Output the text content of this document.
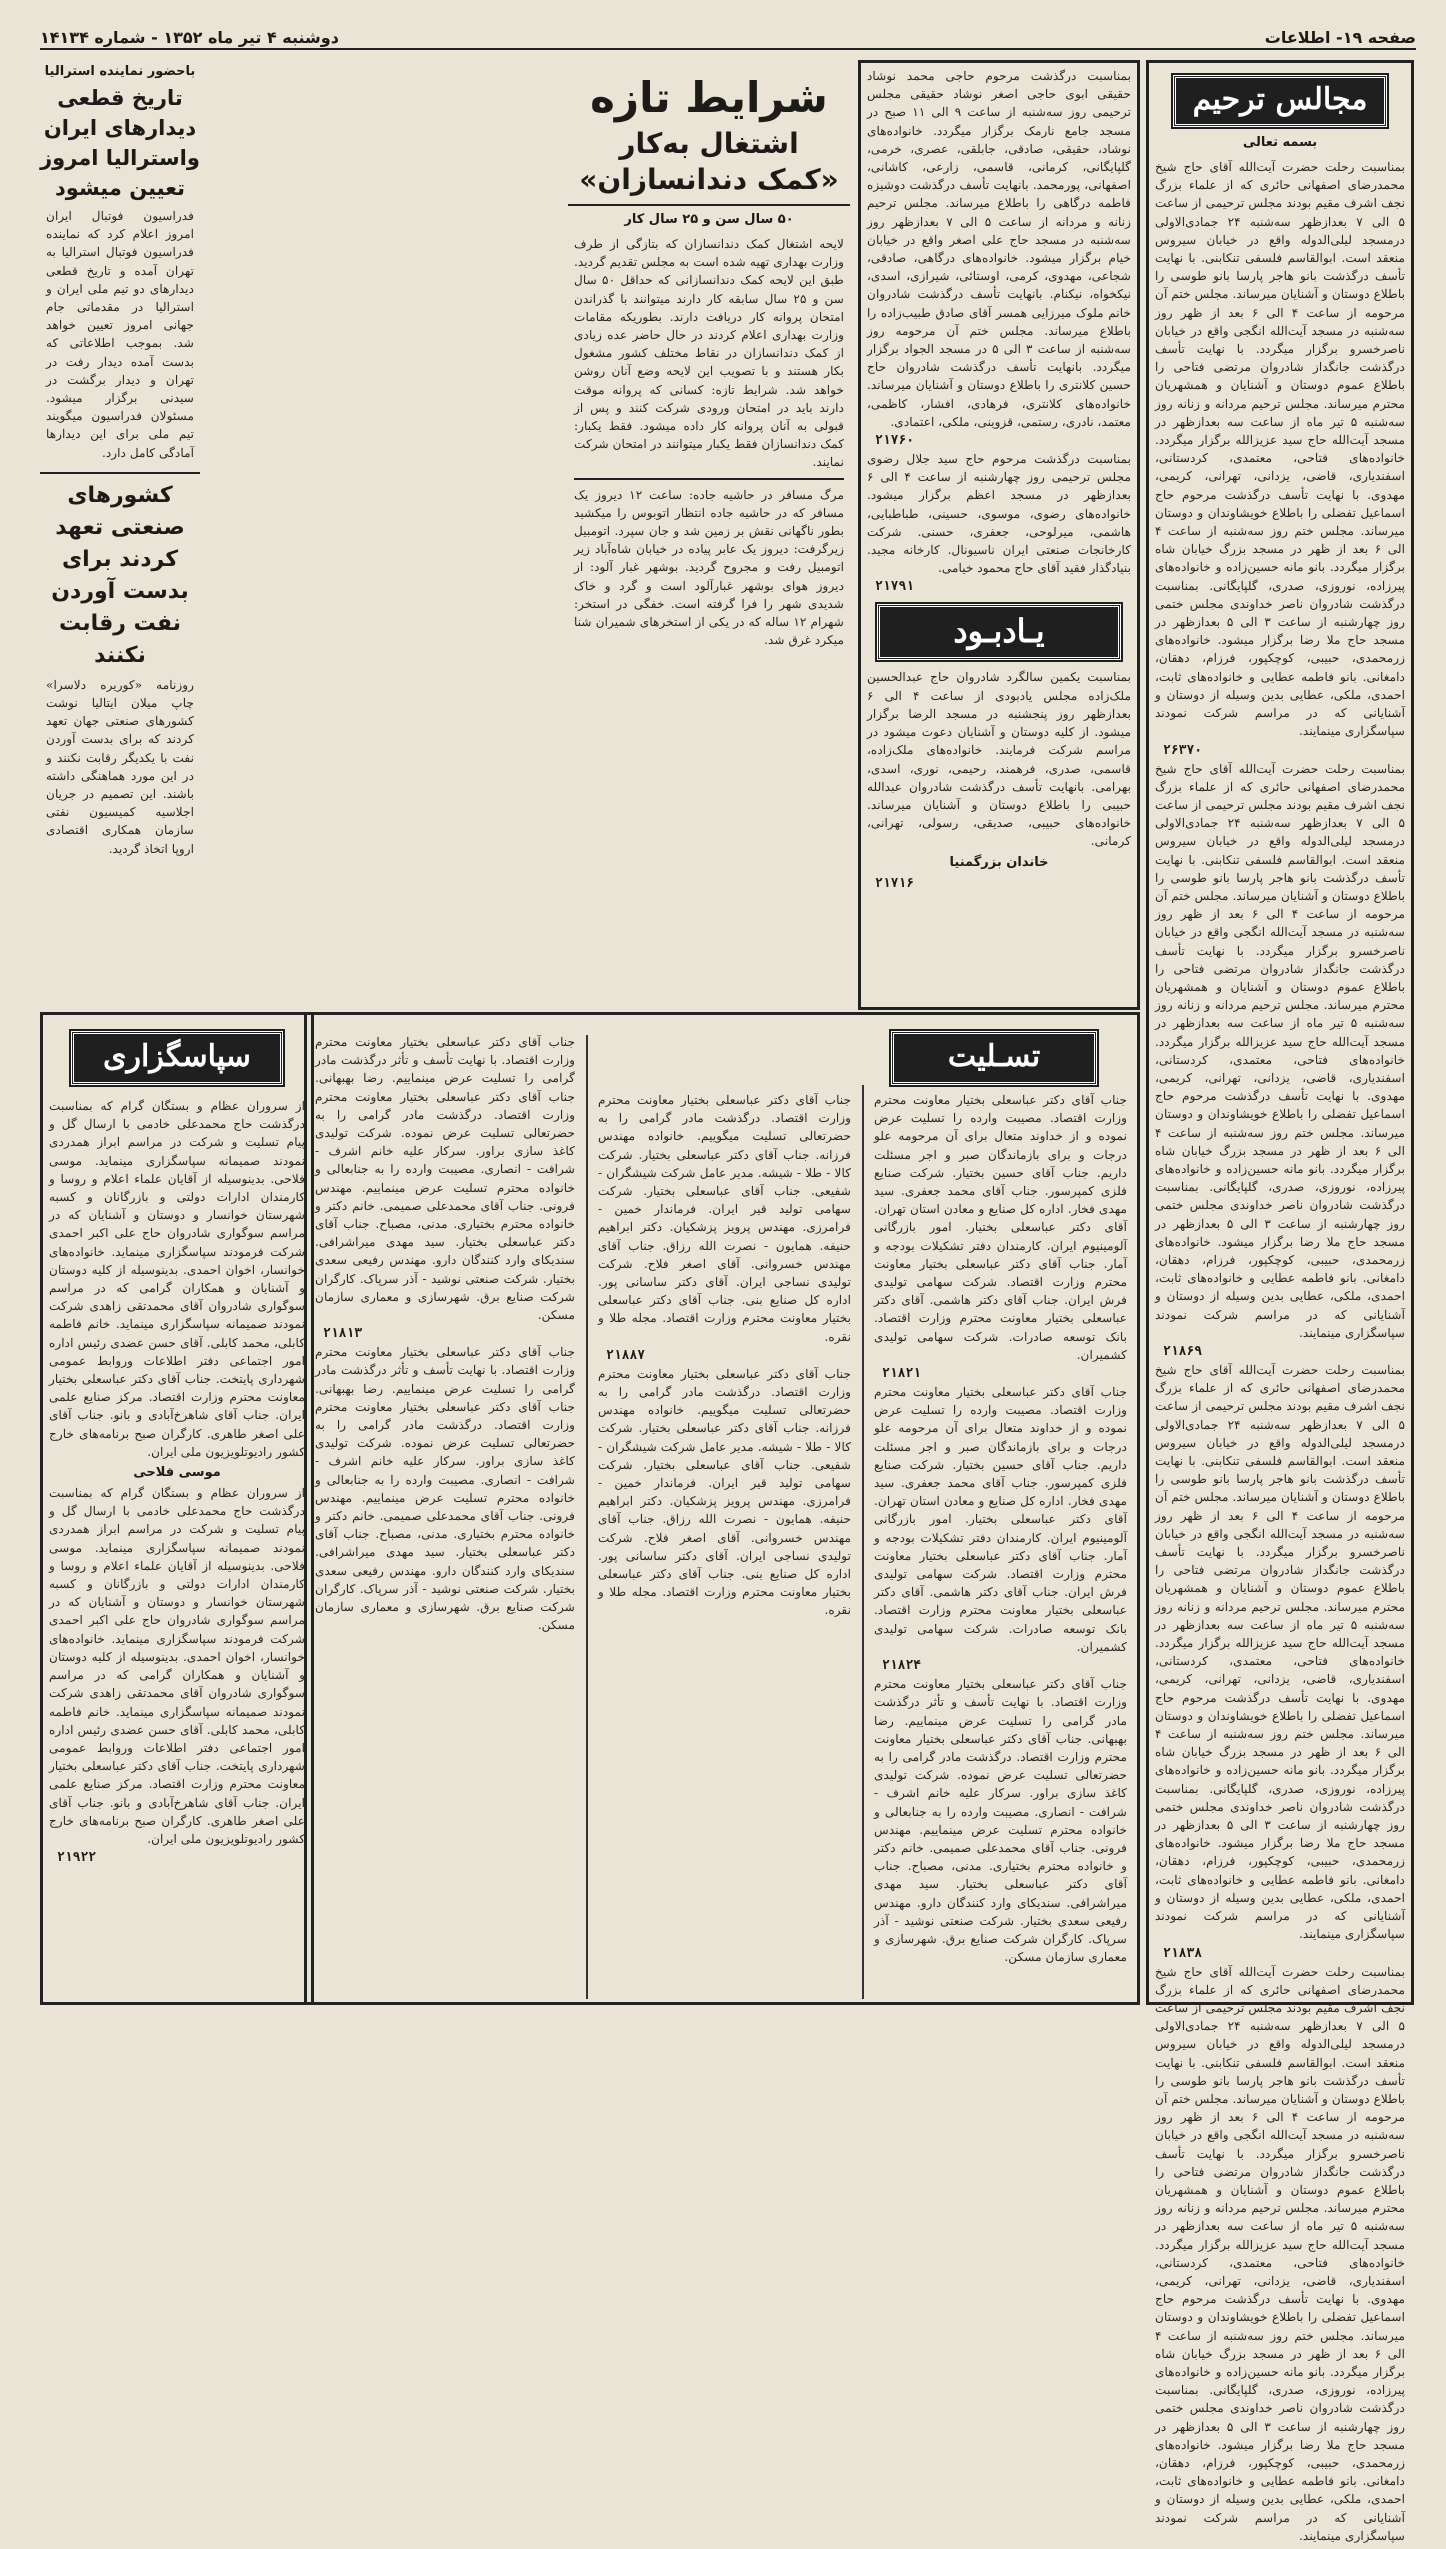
صفحه ۱۹- اطلاعات
دوشنبه ۴ تیر ماه ۱۳۵۲ - شماره ۱۴۱۳۴
مجالس ترحیم
بسمه تعالی

بمناسبت رحلت حضرت آیت‌الله آقای حاج شیخ محمدرضای اصفهانی حائری که از علماء بزرگ نجف اشرف مقیم بودند مجلس ترحیمی از ساعت ۵ الی ۷ بعدازظهر سه‌شنبه ۲۴ جمادی‌الاولی درمسجد لیلی‌الدوله واقع در خیابان سیروس منعقد است. ابوالقاسم فلسفی تنکابنی. با نهایت تأسف درگذشت بانو هاجر پارسا بانو طوسی را باطلاع دوستان و آشنایان میرساند. مجلس ختم آن مرحومه از ساعت ۴ الی ۶ بعد از ظهر روز سه‌شنبه در مسجد آیت‌الله انگجی واقع در خیابان ناصرخسرو برگزار میگردد. با نهایت تأسف درگذشت جانگداز شادروان مرتضی فتاحی را باطلاع عموم دوستان و آشنایان و همشهریان محترم میرساند. مجلس ترحیم مردانه و زنانه روز سه‌شنبه ۵ تیر ماه از ساعت سه بعدازظهر در مسجد آیت‌الله حاج سید عزیزالله برگزار میگردد. خانواده‌های فتاحی، معتمدی، کردستانی، اسفندیاری، قاضی، یزدانی، تهرانی، کریمی، مهدوی. با نهایت تأسف درگذشت مرحوم حاج اسماعیل تفضلی را باطلاع خویشاوندان و دوستان میرساند. مجلس ختم روز سه‌شنبه از ساعت ۴ الی ۶ بعد از ظهر در مسجد بزرگ خیابان شاه برگزار میگردد. بانو مانه حسین‌زاده و خانواده‌های پیرزاده، نوروزی، صدری، گلپایگانی. بمناسبت درگذشت شادروان ناصر خداوندی مجلس ختمی روز چهارشنبه از ساعت ۳ الی ۵ بعدازظهر در مسجد حاج ملا رضا برگزار میشود. خانواده‌های زرمحمدی، حبیبی، کوچکپور، فرزام، دهقان، دامغانی. بانو فاطمه عطایی و خانواده‌های ثابت، احمدی، ملکی، عطایی بدین وسیله از دوستان و آشنایانی که در مراسم شرکت نمودند سپاسگزاری مینمایند.

۲۶۳۷۰

بمناسبت رحلت حضرت آیت‌الله آقای حاج شیخ محمدرضای اصفهانی حائری که از علماء بزرگ نجف اشرف مقیم بودند مجلس ترحیمی از ساعت ۵ الی ۷ بعدازظهر سه‌شنبه ۲۴ جمادی‌الاولی درمسجد لیلی‌الدوله واقع در خیابان سیروس منعقد است. ابوالقاسم فلسفی تنکابنی. با نهایت تأسف درگذشت بانو هاجر پارسا بانو طوسی را باطلاع دوستان و آشنایان میرساند. مجلس ختم آن مرحومه از ساعت ۴ الی ۶ بعد از ظهر روز سه‌شنبه در مسجد آیت‌الله انگجی واقع در خیابان ناصرخسرو برگزار میگردد. با نهایت تأسف درگذشت جانگداز شادروان مرتضی فتاحی را باطلاع عموم دوستان و آشنایان و همشهریان محترم میرساند. مجلس ترحیم مردانه و زنانه روز سه‌شنبه ۵ تیر ماه از ساعت سه بعدازظهر در مسجد آیت‌الله حاج سید عزیزالله برگزار میگردد. خانواده‌های فتاحی، معتمدی، کردستانی، اسفندیاری، قاضی، یزدانی، تهرانی، کریمی، مهدوی. با نهایت تأسف درگذشت مرحوم حاج اسماعیل تفضلی را باطلاع خویشاوندان و دوستان میرساند. مجلس ختم روز سه‌شنبه از ساعت ۴ الی ۶ بعد از ظهر در مسجد بزرگ خیابان شاه برگزار میگردد. بانو مانه حسین‌زاده و خانواده‌های پیرزاده، نوروزی، صدری، گلپایگانی. بمناسبت درگذشت شادروان ناصر خداوندی مجلس ختمی روز چهارشنبه از ساعت ۳ الی ۵ بعدازظهر در مسجد حاج ملا رضا برگزار میشود. خانواده‌های زرمحمدی، حبیبی، کوچکپور، فرزام، دهقان، دامغانی. بانو فاطمه عطایی و خانواده‌های ثابت، احمدی، ملکی، عطایی بدین وسیله از دوستان و آشنایانی که در مراسم شرکت نمودند سپاسگزاری مینمایند.

۲۱۸۶۹

بمناسبت رحلت حضرت آیت‌الله آقای حاج شیخ محمدرضای اصفهانی حائری که از علماء بزرگ نجف اشرف مقیم بودند مجلس ترحیمی از ساعت ۵ الی ۷ بعدازظهر سه‌شنبه ۲۴ جمادی‌الاولی درمسجد لیلی‌الدوله واقع در خیابان سیروس منعقد است. ابوالقاسم فلسفی تنکابنی. با نهایت تأسف درگذشت بانو هاجر پارسا بانو طوسی را باطلاع دوستان و آشنایان میرساند. مجلس ختم آن مرحومه از ساعت ۴ الی ۶ بعد از ظهر روز سه‌شنبه در مسجد آیت‌الله انگجی واقع در خیابان ناصرخسرو برگزار میگردد. با نهایت تأسف درگذشت جانگداز شادروان مرتضی فتاحی را باطلاع عموم دوستان و آشنایان و همشهریان محترم میرساند. مجلس ترحیم مردانه و زنانه روز سه‌شنبه ۵ تیر ماه از ساعت سه بعدازظهر در مسجد آیت‌الله حاج سید عزیزالله برگزار میگردد. خانواده‌های فتاحی، معتمدی، کردستانی، اسفندیاری، قاضی، یزدانی، تهرانی، کریمی، مهدوی. با نهایت تأسف درگذشت مرحوم حاج اسماعیل تفضلی را باطلاع خویشاوندان و دوستان میرساند. مجلس ختم روز سه‌شنبه از ساعت ۴ الی ۶ بعد از ظهر در مسجد بزرگ خیابان شاه برگزار میگردد. بانو مانه حسین‌زاده و خانواده‌های پیرزاده، نوروزی، صدری، گلپایگانی. بمناسبت درگذشت شادروان ناصر خداوندی مجلس ختمی روز چهارشنبه از ساعت ۳ الی ۵ بعدازظهر در مسجد حاج ملا رضا برگزار میشود. خانواده‌های زرمحمدی، حبیبی، کوچکپور، فرزام، دهقان، دامغانی. بانو فاطمه عطایی و خانواده‌های ثابت، احمدی، ملکی، عطایی بدین وسیله از دوستان و آشنایانی که در مراسم شرکت نمودند سپاسگزاری مینمایند.

۲۱۸۳۸

بمناسبت رحلت حضرت آیت‌الله آقای حاج شیخ محمدرضای اصفهانی حائری که از علماء بزرگ نجف اشرف مقیم بودند مجلس ترحیمی از ساعت ۵ الی ۷ بعدازظهر سه‌شنبه ۲۴ جمادی‌الاولی درمسجد لیلی‌الدوله واقع در خیابان سیروس منعقد است. ابوالقاسم فلسفی تنکابنی. با نهایت تأسف درگذشت بانو هاجر پارسا بانو طوسی را باطلاع دوستان و آشنایان میرساند. مجلس ختم آن مرحومه از ساعت ۴ الی ۶ بعد از ظهر روز سه‌شنبه در مسجد آیت‌الله انگجی واقع در خیابان ناصرخسرو برگزار میگردد. با نهایت تأسف درگذشت جانگداز شادروان مرتضی فتاحی را باطلاع عموم دوستان و آشنایان و همشهریان محترم میرساند. مجلس ترحیم مردانه و زنانه روز سه‌شنبه ۵ تیر ماه از ساعت سه بعدازظهر در مسجد آیت‌الله حاج سید عزیزالله برگزار میگردد. خانواده‌های فتاحی، معتمدی، کردستانی، اسفندیاری، قاضی، یزدانی، تهرانی، کریمی، مهدوی. با نهایت تأسف درگذشت مرحوم حاج اسماعیل تفضلی را باطلاع خویشاوندان و دوستان میرساند. مجلس ختم روز سه‌شنبه از ساعت ۴ الی ۶ بعد از ظهر در مسجد بزرگ خیابان شاه برگزار میگردد. بانو مانه حسین‌زاده و خانواده‌های پیرزاده، نوروزی، صدری، گلپایگانی. بمناسبت درگذشت شادروان ناصر خداوندی مجلس ختمی روز چهارشنبه از ساعت ۳ الی ۵ بعدازظهر در مسجد حاج ملا رضا برگزار میشود. خانواده‌های زرمحمدی، حبیبی، کوچکپور، فرزام، دهقان، دامغانی. بانو فاطمه عطایی و خانواده‌های ثابت، احمدی، ملکی، عطایی بدین وسیله از دوستان و آشنایانی که در مراسم شرکت نمودند سپاسگزاری مینمایند.

بمناسبت درگذشت مرحوم حاجی محمد نوشاد حقیقی ابوی حاجی اصغر نوشاد حقیقی مجلس ترحیمی روز سه‌شنبه از ساعت ۹ الی ۱۱ صبح در مسجد جامع نارمک برگزار میگردد. خانواده‌های نوشاد، حقیقی، صادقی، جابلقی، عصری، خرمی، گلپایگانی، کرمانی، قاسمی، زارعی، کاشانی، اصفهانی، پورمحمد. بانهایت تأسف درگذشت دوشیزه فاطمه درگاهی را باطلاع میرساند. مجلس ترحیم زنانه و مردانه از ساعت ۵ الی ۷ بعدازظهر روز سه‌شنبه در مسجد حاج علی اصغر واقع در خیابان خیام برگزار میشود. خانواده‌های درگاهی، صادقی، شجاعی، مهدوی، کرمی، اوستائی، شیرازی، اسدی، نیکخواه، نیکنام. بانهایت تأسف درگذشت شادروان خانم ملوک میرزایی همسر آقای صادق طبیب‌زاده را باطلاع میرساند. مجلس ختم آن مرحومه روز سه‌شنبه از ساعت ۳ الی ۵ در مسجد الجواد برگزار میگردد. بانهایت تأسف درگذشت شادروان حاج حسین کلانتری را باطلاع دوستان و آشنایان میرساند. خانواده‌های کلانتری، فرهادی، افشار، کاظمی، معتمد، نادری، رستمی، قزوینی، ملکی، اعتمادی.

۲۱۷۶۰

بمناسبت درگذشت مرحوم حاج سید جلال رضوی مجلس ترحیمی روز چهارشنبه از ساعت ۴ الی ۶ بعدازظهر در مسجد اعظم برگزار میشود. خانواده‌های رضوی، موسوی، حسینی، طباطبایی، هاشمی، میرلوحی، جعفری، حسنی. شرکت کارخانجات صنعتی ایران ناسیونال. کارخانه مجید. بنیادگذار فقید آقای حاج محمود خیامی.

۲۱۷۹۱
یـادبـود

بمناسبت یکمین سالگرد شادروان حاج عبدالحسین ملک‌زاده مجلس یادبودی از ساعت ۴ الی ۶ بعدازظهر روز پنجشنبه در مسجد الرضا برگزار میشود. از کلیه دوستان و آشنایان دعوت میشود در مراسم شرکت فرمایند. خانواده‌های ملک‌زاده، قاسمی، صدری، فرهمند، رحیمی، نوری، اسدی، بهرامی. بانهایت تأسف درگذشت شادروان عبدالله حبیبی را باطلاع دوستان و آشنایان میرساند. خانواده‌های حبیبی، صدیقی، رسولی، تهرانی، کرمانی.

خاندان بزرگمنیا
۲۱۷۱۶
شرایط تازه
اشتغال به‌کار «کمک دندانسازان»
۵۰ سال سن و ۲۵ سال کار

لایحه اشتغال کمک دندانسازان که بتازگی از طرف وزارت بهداری تهیه شده است به مجلس تقدیم گردید. طبق این لایحه کمک دندانسازانی که حداقل ۵۰ سال سن و ۲۵ سال سابقه کار دارند میتوانند با گذراندن امتحان پروانه کار دریافت دارند. بطوریکه مقامات وزارت بهداری اعلام کردند در حال حاضر عده زیادی از کمک دندانسازان در نقاط مختلف کشور مشغول بکار هستند و با تصویب این لایحه وضع آنان روشن خواهد شد. شرایط تازه: کسانی که پروانه موقت دارند باید در امتحان ورودی شرکت کنند و پس از قبولی به آنان پروانه کار داده میشود. فقط یکبار: کمک دندانسازان فقط یکبار میتوانند در امتحان شرکت نمایند.

مرگ مسافر در حاشیه جاده: ساعت ۱۲ دیروز یک مسافر که در حاشیه جاده انتظار اتوبوس را میکشید بطور ناگهانی نقش بر زمین شد و جان سپرد. اتومبیل زیرگرفت: دیروز یک عابر پیاده در خیابان شاه‌آباد زیر اتومبیل رفت و مجروح گردید. بوشهر غبار آلود: از دیروز هوای بوشهر غبارآلود است و گرد و خاک شدیدی شهر را فرا گرفته است. خفگی در استخر: شهرام ۱۲ ساله که در یکی از استخرهای شمیران شنا میکرد غرق شد.

باحضور نماینده استرالیا
تاریخ قطعی دیدارهای ایران واسترالیا امروز تعیین میشود

فدراسیون فوتبال ایران امروز اعلام کرد که نماینده فدراسیون فوتبال استرالیا به تهران آمده و تاریخ قطعی دیدارهای دو تیم ملی ایران و استرالیا در مقدماتی جام جهانی امروز تعیین خواهد شد. بموجب اطلاعاتی که بدست آمده دیدار رفت در تهران و دیدار برگشت در سیدنی برگزار میشود. مسئولان فدراسیون میگویند تیم ملی برای این دیدارها آمادگی کامل دارد.

کشورهای صنعتی تعهد کردند برای بدست آوردن نفت رقابت نکنند

روزنامه «کوریره دلاسرا» چاپ میلان ایتالیا نوشت کشورهای صنعتی جهان تعهد کردند که برای بدست آوردن نفت با یکدیگر رقابت نکنند و در این مورد هماهنگی داشته باشند. این تصمیم در جریان اجلاسیه کمیسیون نفتی سازمان همکاری اقتصادی اروپا اتخاذ گردید.

تسـلیت

جناب آقای دکتر عباسعلی بختیار معاونت محترم وزارت اقتصاد. مصیبت وارده را تسلیت عرض نموده و از خداوند متعال برای آن مرحومه علو درجات و برای بازماندگان صبر و اجر مسئلت داریم. جناب آقای حسین بختیار. شرکت صنایع فلزی کمپرسور. جناب آقای محمد جعفری. سید مهدی فخار. اداره کل صنایع و معادن استان تهران. آقای دکتر عباسعلی بختیار. امور بازرگانی آلومینیوم ایران. کارمندان دفتر تشکیلات بودجه و آمار. جناب آقای دکتر عباسعلی بختیار معاونت محترم وزارت اقتصاد. شرکت سهامی تولیدی فرش ایران. جناب آقای دکتر هاشمی. آقای دکتر عباسعلی بختیار معاونت محترم وزارت اقتصاد. بانک توسعه صادرات. شرکت سهامی تولیدی کشمیران.

۲۱۸۲۱

جناب آقای دکتر عباسعلی بختیار معاونت محترم وزارت اقتصاد. مصیبت وارده را تسلیت عرض نموده و از خداوند متعال برای آن مرحومه علو درجات و برای بازماندگان صبر و اجر مسئلت داریم. جناب آقای حسین بختیار. شرکت صنایع فلزی کمپرسور. جناب آقای محمد جعفری. سید مهدی فخار. اداره کل صنایع و معادن استان تهران. آقای دکتر عباسعلی بختیار. امور بازرگانی آلومینیوم ایران. کارمندان دفتر تشکیلات بودجه و آمار. جناب آقای دکتر عباسعلی بختیار معاونت محترم وزارت اقتصاد. شرکت سهامی تولیدی فرش ایران. جناب آقای دکتر هاشمی. آقای دکتر عباسعلی بختیار معاونت محترم وزارت اقتصاد. بانک توسعه صادرات. شرکت سهامی تولیدی کشمیران.

۲۱۸۲۴

جناب آقای دکتر عباسعلی بختیار معاونت محترم وزارت اقتصاد. با نهایت تأسف و تأثر درگذشت مادر گرامی را تسلیت عرض مینماییم. رضا بهبهانی. جناب آقای دکتر عباسعلی بختیار معاونت محترم وزارت اقتصاد. درگذشت مادر گرامی را به حضرتعالی تسلیت عرض نموده. شرکت تولیدی کاغذ سازی براور. سرکار علیه خانم اشرف - شرافت - انصاری. مصیبت وارده را به جنابعالی و خانواده محترم تسلیت عرض مینماییم. مهندس فرونی. جناب آقای محمدعلی صمیمی. خانم دکتر و خانواده محترم بختیاری. مدنی، مصباح. جناب آقای دکتر عباسعلی بختیار. سید مهدی میراشرافی. سندیکای وارد کنندگان دارو. مهندس رفیعی سعدی بختیار. شرکت صنعتی نوشید - آذر سرپاک. کارگران شرکت صنایع برق. شهرسازی و معماری سازمان مسکن.

جناب آقای دکتر عباسعلی بختیار معاونت محترم وزارت اقتصاد. درگذشت مادر گرامی را به حضرتعالی تسلیت میگوییم. خانواده مهندس فرزانه. جناب آقای دکتر عباسعلی بختیار. شرکت کالا - طلا - شیشه. مدیر عامل شرکت شیشگران - شفیعی. جناب آقای عباسعلی بختیار. شرکت سهامی تولید قیر ایران. فرماندار خمین - فرامرزی. مهندس پرویز پزشکیان. دکتر ابراهیم حنیفه. همایون - نصرت الله رزاق. جناب آقای مهندس خسروانی. آقای اصغر فلاح. شرکت تولیدی نساجی ایران. آقای دکتر ساسانی پور. اداره کل صنایع بنی. جناب آقای دکتر عباسعلی بختیار معاونت محترم وزارت اقتصاد. مجله طلا و نقره.

۲۱۸۸۷

جناب آقای دکتر عباسعلی بختیار معاونت محترم وزارت اقتصاد. درگذشت مادر گرامی را به حضرتعالی تسلیت میگوییم. خانواده مهندس فرزانه. جناب آقای دکتر عباسعلی بختیار. شرکت کالا - طلا - شیشه. مدیر عامل شرکت شیشگران - شفیعی. جناب آقای عباسعلی بختیار. شرکت سهامی تولید قیر ایران. فرماندار خمین - فرامرزی. مهندس پرویز پزشکیان. دکتر ابراهیم حنیفه. همایون - نصرت الله رزاق. جناب آقای مهندس خسروانی. آقای اصغر فلاح. شرکت تولیدی نساجی ایران. آقای دکتر ساسانی پور. اداره کل صنایع بنی. جناب آقای دکتر عباسعلی بختیار معاونت محترم وزارت اقتصاد. مجله طلا و نقره.

جناب آقای دکتر عباسعلی بختیار معاونت محترم وزارت اقتصاد. با نهایت تأسف و تأثر درگذشت مادر گرامی را تسلیت عرض مینماییم. رضا بهبهانی. جناب آقای دکتر عباسعلی بختیار معاونت محترم وزارت اقتصاد. درگذشت مادر گرامی را به حضرتعالی تسلیت عرض نموده. شرکت تولیدی کاغذ سازی براور. سرکار علیه خانم اشرف - شرافت - انصاری. مصیبت وارده را به جنابعالی و خانواده محترم تسلیت عرض مینماییم. مهندس فرونی. جناب آقای محمدعلی صمیمی. خانم دکتر و خانواده محترم بختیاری. مدنی، مصباح. جناب آقای دکتر عباسعلی بختیار. سید مهدی میراشرافی. سندیکای وارد کنندگان دارو. مهندس رفیعی سعدی بختیار. شرکت صنعتی نوشید - آذر سرپاک. کارگران شرکت صنایع برق. شهرسازی و معماری سازمان مسکن.

۲۱۸۱۳

جناب آقای دکتر عباسعلی بختیار معاونت محترم وزارت اقتصاد. با نهایت تأسف و تأثر درگذشت مادر گرامی را تسلیت عرض مینماییم. رضا بهبهانی. جناب آقای دکتر عباسعلی بختیار معاونت محترم وزارت اقتصاد. درگذشت مادر گرامی را به حضرتعالی تسلیت عرض نموده. شرکت تولیدی کاغذ سازی براور. سرکار علیه خانم اشرف - شرافت - انصاری. مصیبت وارده را به جنابعالی و خانواده محترم تسلیت عرض مینماییم. مهندس فرونی. جناب آقای محمدعلی صمیمی. خانم دکتر و خانواده محترم بختیاری. مدنی، مصباح. جناب آقای دکتر عباسعلی بختیار. سید مهدی میراشرافی. سندیکای وارد کنندگان دارو. مهندس رفیعی سعدی بختیار. شرکت صنعتی نوشید - آذر سرپاک. کارگران شرکت صنایع برق. شهرسازی و معماری سازمان مسکن.

سپاسگزاری

از سروران عظام و بستگان گرام که بمناسبت درگذشت حاج محمدعلی خادمی با ارسال گل و پیام تسلیت و شرکت در مراسم ابراز همدردی نمودند صمیمانه سپاسگزاری مینماید. موسی فلاحی. بدینوسیله از آقایان علماء اعلام و روسا و کارمندان ادارات دولتی و بازرگانان و کسبه شهرستان خوانسار و دوستان و آشنایان که در مراسم سوگواری شادروان حاج علی اکبر احمدی شرکت فرمودند سپاسگزاری مینماید. خانواده‌های خوانسار، اخوان احمدی. بدینوسیله از کلیه دوستان و آشنایان و همکاران گرامی که در مراسم سوگواری شادروان آقای محمدتقی زاهدی شرکت نمودند صمیمانه سپاسگزاری مینماید. خانم فاطمه کابلی، محمد کابلی. آقای حسن عضدی رئیس اداره امور اجتماعی دفتر اطلاعات وروابط عمومی شهرداری پایتخت. جناب آقای دکتر عباسعلی بختیار معاونت محترم وزارت اقتصاد. مرکز صنایع علمی ایران. جناب آقای شاهرخ‌آبادی و بانو. جناب آقای علی اصغر طاهری. کارگران صبح برنامه‌های خارج کشور رادیوتلویزیون ملی ایران.

موسی فلاحی

از سروران عظام و بستگان گرام که بمناسبت درگذشت حاج محمدعلی خادمی با ارسال گل و پیام تسلیت و شرکت در مراسم ابراز همدردی نمودند صمیمانه سپاسگزاری مینماید. موسی فلاحی. بدینوسیله از آقایان علماء اعلام و روسا و کارمندان ادارات دولتی و بازرگانان و کسبه شهرستان خوانسار و دوستان و آشنایان که در مراسم سوگواری شادروان حاج علی اکبر احمدی شرکت فرمودند سپاسگزاری مینماید. خانواده‌های خوانسار، اخوان احمدی. بدینوسیله از کلیه دوستان و آشنایان و همکاران گرامی که در مراسم سوگواری شادروان آقای محمدتقی زاهدی شرکت نمودند صمیمانه سپاسگزاری مینماید. خانم فاطمه کابلی، محمد کابلی. آقای حسن عضدی رئیس اداره امور اجتماعی دفتر اطلاعات وروابط عمومی شهرداری پایتخت. جناب آقای دکتر عباسعلی بختیار معاونت محترم وزارت اقتصاد. مرکز صنایع علمی ایران. جناب آقای شاهرخ‌آبادی و بانو. جناب آقای علی اصغر طاهری. کارگران صبح برنامه‌های خارج کشور رادیوتلویزیون ملی ایران.

۲۱۹۲۲
